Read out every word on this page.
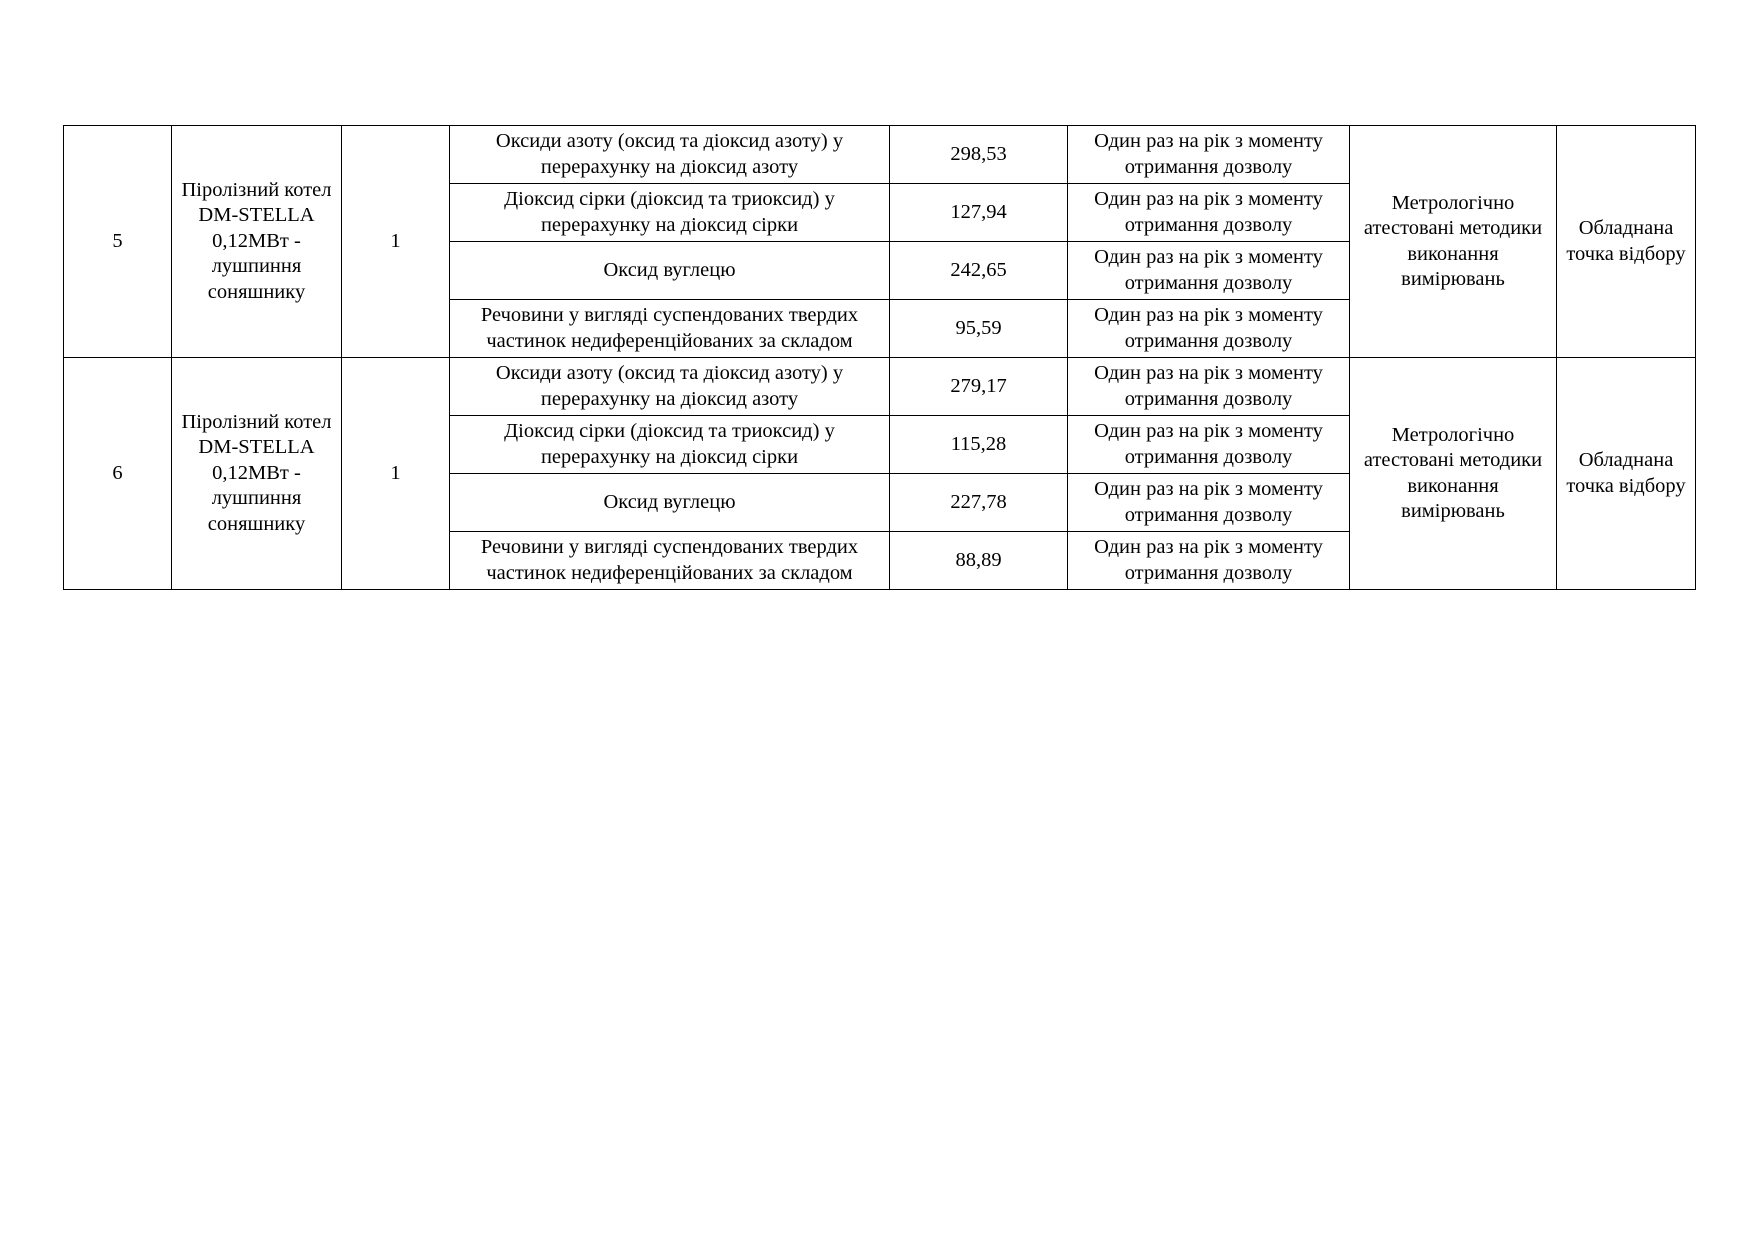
5	Піролізний котел DM-STELLA 0,12МВт - лушпиння соняшнику	1	Оксиди азоту (оксид та діоксид азоту) у перерахунку на діоксид азоту	298,53	Один раз на рік з моменту отримання дозволу	Метрологічно атестовані методики виконання вимірювань	Обладнана точка відбору
			Діоксид сірки (діоксид та триоксид) у перерахунку на діоксид сірки	127,94	Один раз на рік з моменту отримання дозволу		
			Оксид вуглецю	242,65	Один раз на рік з моменту отримання дозволу		
			Речовини у вигляді суспендованих твердих частинок недиференційованих за складом	95,59	Один раз на рік з моменту отримання дозволу		
6	Піролізний котел DM-STELLA 0,12МВт - лушпиння соняшнику	1	Оксиди азоту (оксид та діоксид азоту) у перерахунку на діоксид азоту	279,17	Один раз на рік з моменту отримання дозволу	Метрологічно атестовані методики виконання вимірювань	Обладнана точка відбору
			Діоксид сірки (діоксид та триоксид) у перерахунку на діоксид сірки	115,28	Один раз на рік з моменту отримання дозволу		
			Оксид вуглецю	227,78	Один раз на рік з моменту отримання дозволу		
			Речовини у вигляді суспендованих твердих частинок недиференційованих за складом	88,89	Один раз на рік з моменту отримання дозволу		
